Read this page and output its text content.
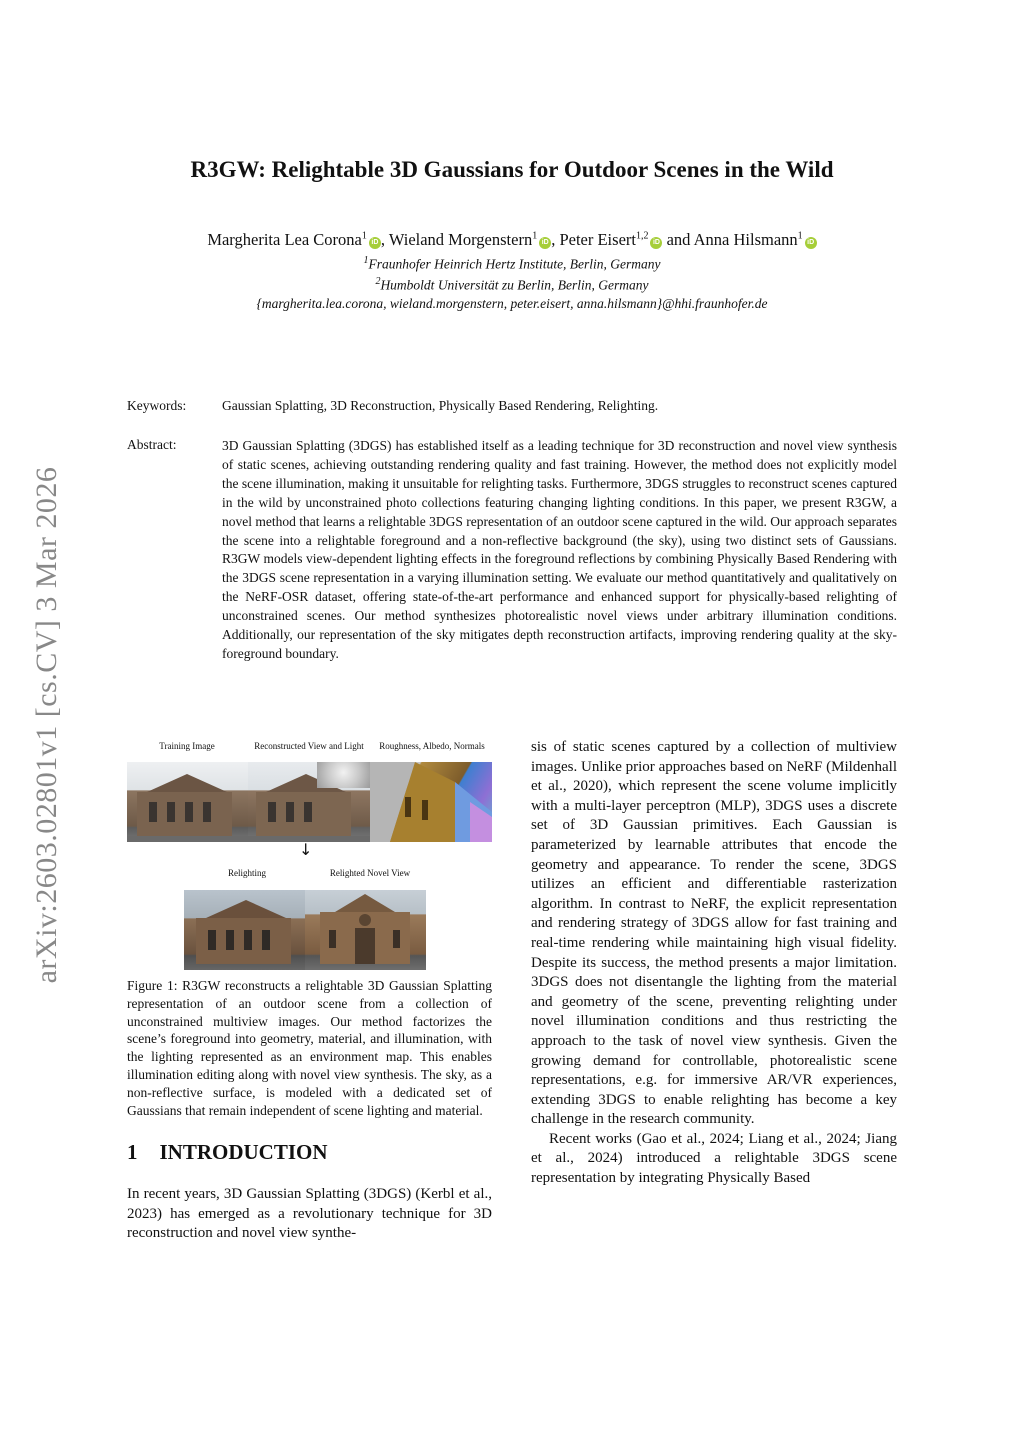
arXiv:2603.02801v1 [cs.CV] 3 Mar 2026
R3GW: Relightable 3D Gaussians for Outdoor Scenes in the Wild
Margherita Lea Corona$^1$iD , Wieland Morgenstern$^1$iD , Peter Eisert$^{1,2}$iD and Anna Hilsmann$^1$iD
$^1$Fraunhofer Heinrich Hertz Institute, Berlin, Germany
$^2$Humboldt Universität zu Berlin, Berlin, Germany
{margherita.lea.corona, wieland.morgenstern, peter.eisert, anna.hilsmann}@hhi.fraunhofer.de
Keywords:	Gaussian Splatting, 3D Reconstruction, Physically Based Rendering, Relighting.
Abstract:	3D Gaussian Splatting (3DGS) has established itself as a leading technique for 3D reconstruction and novel view synthesis of static scenes, achieving outstanding rendering quality and fast training. However, the method does not explicitly model the scene illumination, making it unsuitable for relighting tasks. Furthermore, 3DGS struggles to reconstruct scenes captured in the wild by unconstrained photo collections featuring changing lighting conditions. In this paper, we present R3GW, a novel method that learns a relightable 3DGS representation of an outdoor scene captured in the wild. Our approach separates the scene into a relightable foreground and a non-reflective background (the sky), using two distinct sets of Gaussians. R3GW models view-dependent lighting effects in the foreground reflections by combining Physically Based Rendering with the 3DGS scene representation in a varying illumination setting. We evaluate our method quantitatively and qualitatively on the NeRF-OSR dataset, offering state-of-the-art performance and enhanced support for physically-based relighting of unconstrained scenes. Our method synthesizes photorealistic novel views under arbitrary illumination conditions. Additionally, our representation of the sky mitigates depth reconstruction artifacts, improving rendering quality at the sky-foreground boundary.
Training Image	Reconstructed View and Light	Roughness, Albedo, Normals
↓
Relighting	Relighted Novel View
Figure 1: R3GW reconstructs a relightable 3D Gaussian Splatting representation of an outdoor scene from a collection of unconstrained multiview images. Our method factorizes the scene’s foreground into geometry, material, and illumination, with the lighting represented as an environment map. This enables illumination editing along with novel view synthesis. The sky, as a non-reflective surface, is modeled with a dedicated set of Gaussians that remain independent of scene lighting and material.
1 INTRODUCTION
In recent years, 3D Gaussian Splatting (3DGS) (Kerbl et al., 2023) has emerged as a revolutionary technique for 3D reconstruction and novel view synthe-

sis of static scenes captured by a collection of multiview images. Unlike prior approaches based on NeRF (Mildenhall et al., 2020), which represent the scene volume implicitly with a multi-layer perceptron (MLP), 3DGS uses a discrete set of 3D Gaussian primitives. Each Gaussian is parameterized by learnable attributes that encode the geometry and appearance. To render the scene, 3DGS utilizes an efficient and differentiable rasterization algorithm. In contrast to NeRF, the explicit representation and rendering strategy of 3DGS allow for fast training and real-time rendering while maintaining high visual fidelity. Despite its success, the method presents a major limitation. 3DGS does not disentangle the lighting from the material and geometry of the scene, preventing relighting under novel illumination conditions and thus restricting the approach to the task of novel view synthesis. Given the growing demand for controllable, photorealistic scene representations, e.g. for immersive AR/VR experiences, extending 3DGS to enable relighting has become a key challenge in the research community.

Recent works (Gao et al., 2024; Liang et al., 2024; Jiang et al., 2024) introduced a relightable 3DGS scene representation by integrating Physically Based
